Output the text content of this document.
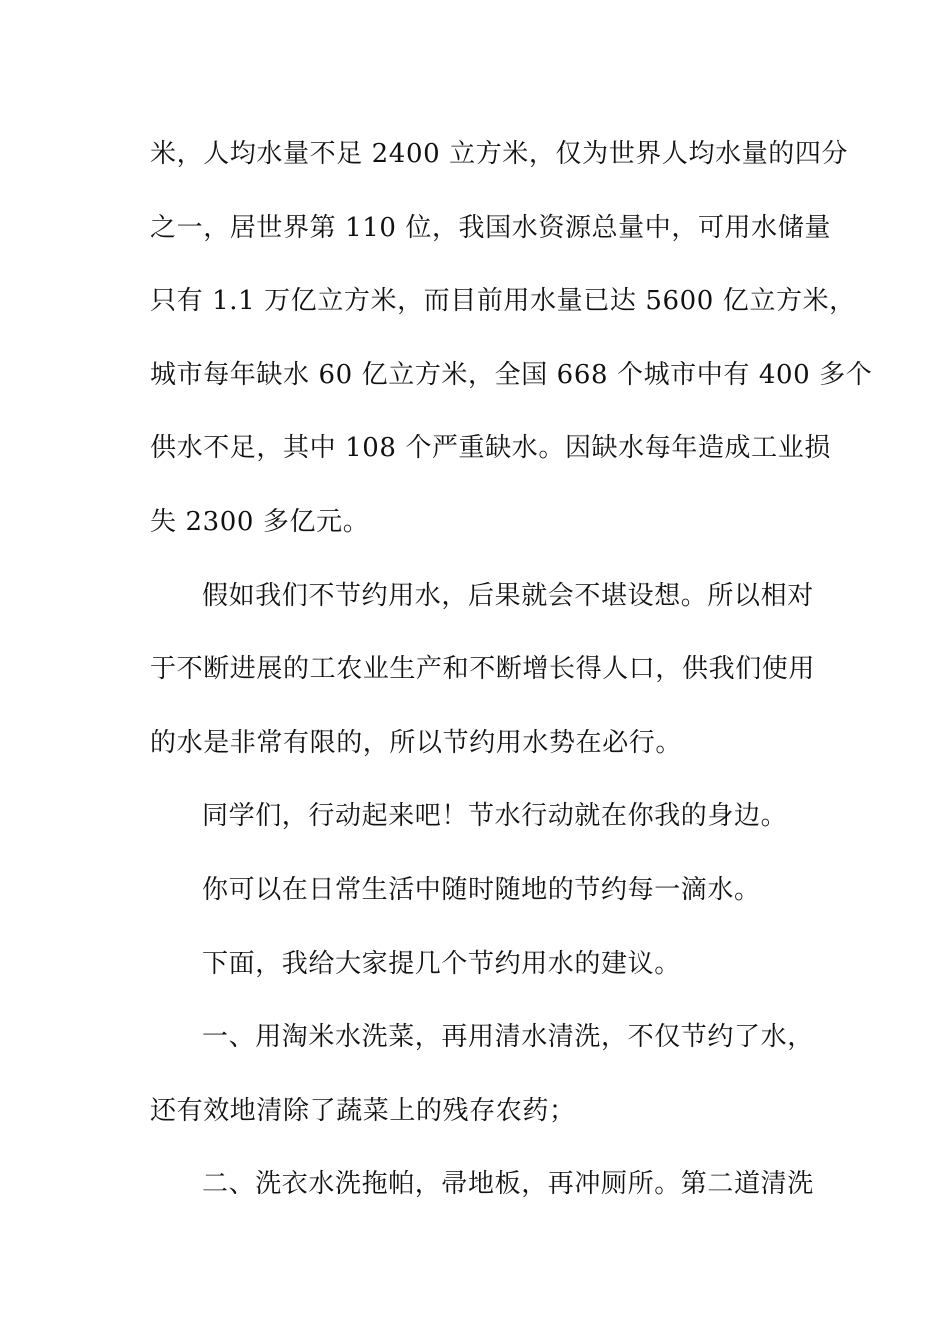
米，人均水量不足 2400 立方米，仅为世界人均水量的四分
之一，居世界第 110 位，我国水资源总量中，可用水储量
只有 1.1 万亿立方米，而目前用水量已达 5600 亿立方米，
城市每年缺水 60 亿立方米，全国 668 个城市中有 400 多个
供水不足，其中 108 个严重缺水。因缺水每年造成工业损
失 2300 多亿元。

假如我们不节约用水，后果就会不堪设想。所以相对
于不断进展的工农业生产和不断增长得人口，供我们使用
的水是非常有限的，所以节约用水势在必行。

同学们，行动起来吧！节水行动就在你我的身边。

你可以在日常生活中随时随地的节约每一滴水。

下面，我给大家提几个节约用水的建议。

一、用淘米水洗菜，再用清水清洗，不仅节约了水，
还有效地清除了蔬菜上的残存农药；

二、洗衣水洗拖帕，帚地板，再冲厕所。第二道清洗
